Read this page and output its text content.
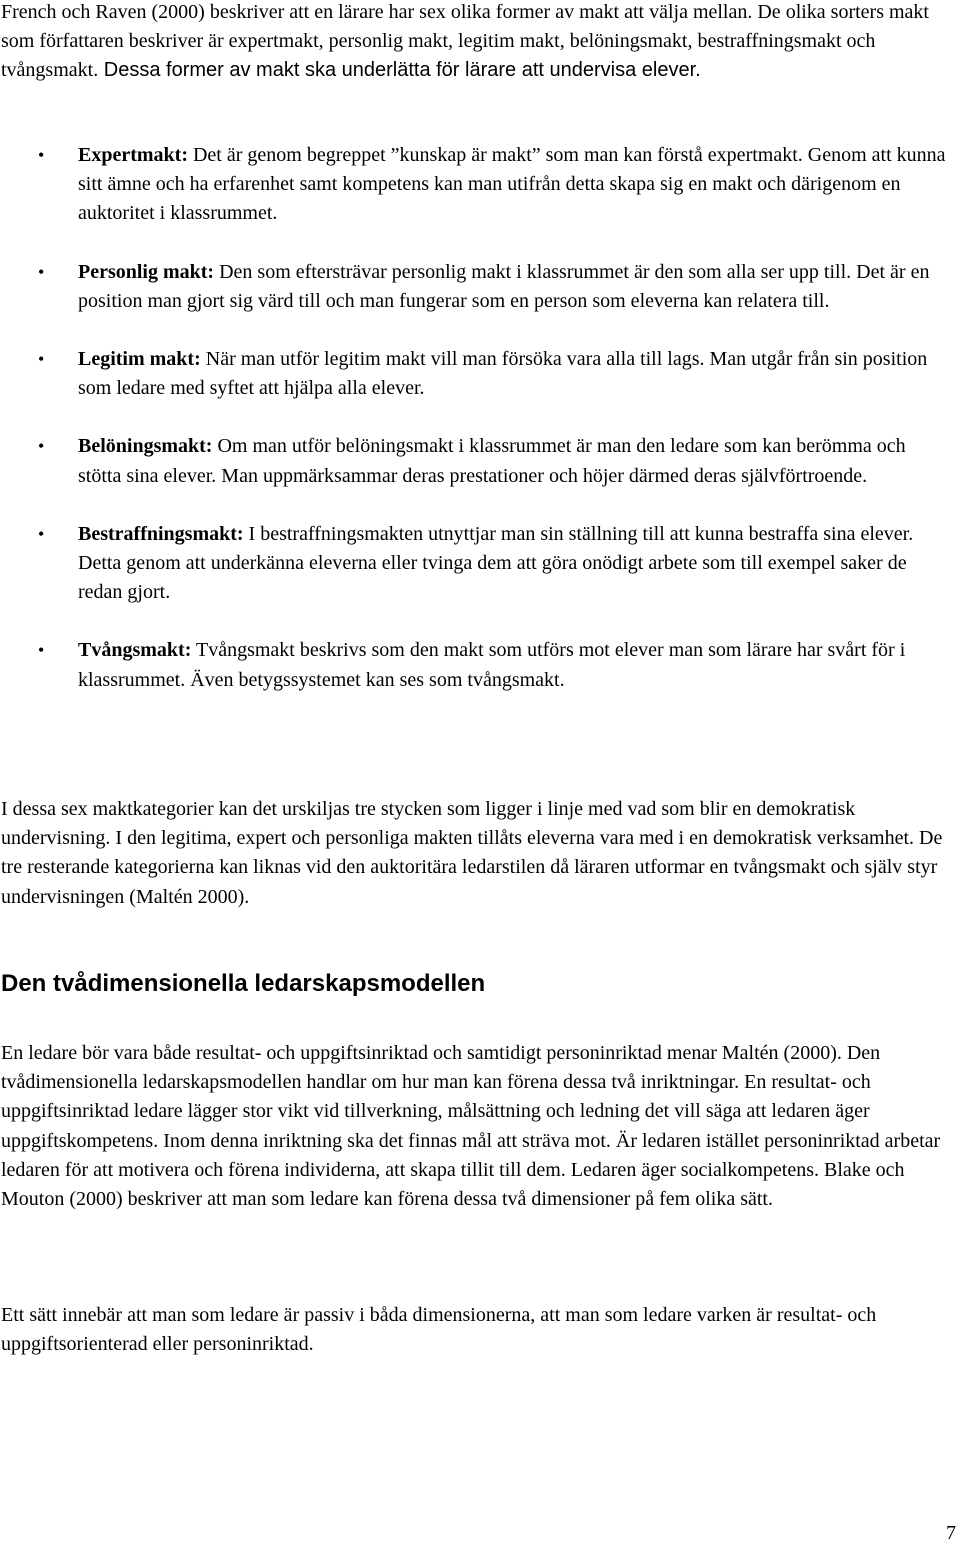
French och Raven (2000) beskriver att en lärare har sex olika former av makt att välja mellan. De olika sorters makt som författaren beskriver är expertmakt, personlig makt, legitim makt, belöningsmakt, bestraffningsmakt och tvångsmakt. Dessa former av makt ska underlätta för lärare att undervisa elever.

• Expertmakt: Det är genom begreppet ”kunskap är makt” som man kan förstå expertmakt. Genom att kunna sitt ämne och ha erfarenhet samt kompetens kan man utifrån detta skapa sig en makt och därigenom en auktoritet i klassrummet.
• Personlig makt: Den som eftersträvar personlig makt i klassrummet är den som alla ser upp till. Det är en position man gjort sig värd till och man fungerar som en person som eleverna kan relatera till.
• Legitim makt: När man utför legitim makt vill man försöka vara alla till lags. Man utgår från sin position som ledare med syftet att hjälpa alla elever.
• Belöningsmakt: Om man utför belöningsmakt i klassrummet är man den ledare som kan berömma och stötta sina elever. Man uppmärksammar deras prestationer och höjer därmed deras självförtroende.
• Bestraffningsmakt: I bestraffningsmakten utnyttjar man sin ställning till att kunna bestraffa sina elever. Detta genom att underkänna eleverna eller tvinga dem att göra onödigt arbete som till exempel saker de redan gjort.
• Tvångsmakt: Tvångsmakt beskrivs som den makt som utförs mot elever man som lärare har svårt för i klassrummet. Även betygssystemet kan ses som tvångsmakt.

I dessa sex maktkategorier kan det urskiljas tre stycken som ligger i linje med vad som blir en demokratisk undervisning. I den legitima, expert och personliga makten tillåts eleverna vara med i en demokratisk verksamhet. De tre resterande kategorierna kan liknas vid den auktoritära ledarstilen då läraren utformar en tvångsmakt och själv styr undervisningen (Maltén 2000).

Den tvådimensionella ledarskapsmodellen

En ledare bör vara både resultat- och uppgiftsinriktad och samtidigt personinriktad menar Maltén (2000). Den tvådimensionella ledarskapsmodellen handlar om hur man kan förena dessa två inriktningar. En resultat- och uppgiftsinriktad ledare lägger stor vikt vid tillverkning, målsättning och ledning det vill säga att ledaren äger uppgiftskompetens. Inom denna inriktning ska det finnas mål att sträva mot. Är ledaren istället personinriktad arbetar ledaren för att motivera och förena individerna, att skapa tillit till dem. Ledaren äger socialkompetens. Blake och Mouton (2000) beskriver att man som ledare kan förena dessa två dimensioner på fem olika sätt.

Ett sätt innebär att man som ledare är passiv i båda dimensionerna, att man som ledare varken är resultat- och uppgiftsorienterad eller personinriktad.

7
